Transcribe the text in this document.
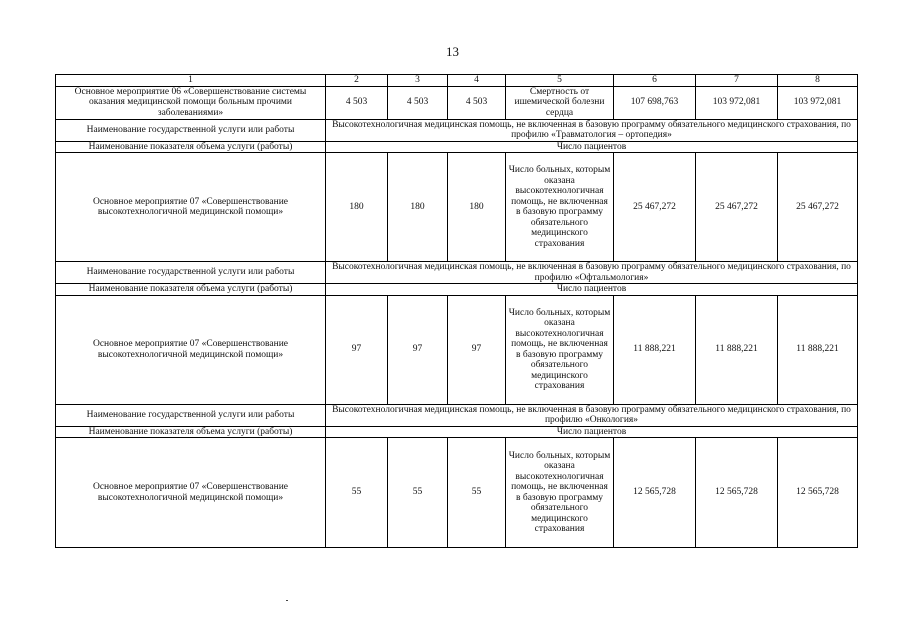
13
1	2	3	4	5	6	7	8
Основное мероприятие 06 «Совершенствование системы оказания медицинской помощи больным прочими заболеваниями»	4 503	4 503	4 503	Смертность от ишемической болезни сердца	107 698,763	103 972,081	103 972,081
Наименование государственной услуги или работы	Высокотехнологичная медицинская помощь, не включенная в базовую программу обязательного медицинского страхования, по профилю «Травматология – ортопедия»						
Наименование показателя объема услуги (работы)	Число пациентов						
Основное мероприятие 07 «Совершенствование высокотехнологичной медицинской помощи»	180	180	180	Число больных, которым оказана высокотехнологичная помощь, не включенная в базовую программу обязательного медицинского страхования	25 467,272	25 467,272	25 467,272
Наименование государственной услуги или работы	Высокотехнологичная медицинская помощь, не включенная в базовую программу обязательного медицинского страхования, по профилю «Офтальмология»						
Наименование показателя объема услуги (работы)	Число пациентов						
Основное мероприятие 07 «Совершенствование высокотехнологичной медицинской помощи»	97	97	97	Число больных, которым оказана высокотехнологичная помощь, не включенная в базовую программу обязательного медицинского страхования	11 888,221	11 888,221	11 888,221
Наименование государственной услуги или работы	Высокотехнологичная медицинская помощь, не включенная в базовую программу обязательного медицинского страхования, по профилю «Онкология»						
Наименование показателя объема услуги (работы)	Число пациентов						
Основное мероприятие 07 «Совершенствование высокотехнологичной медицинской помощи»	55	55	55	Число больных, которым оказана высокотехнологичная помощь, не включенная в базовую программу обязательного медицинского страхования	12 565,728	12 565,728	12 565,728
